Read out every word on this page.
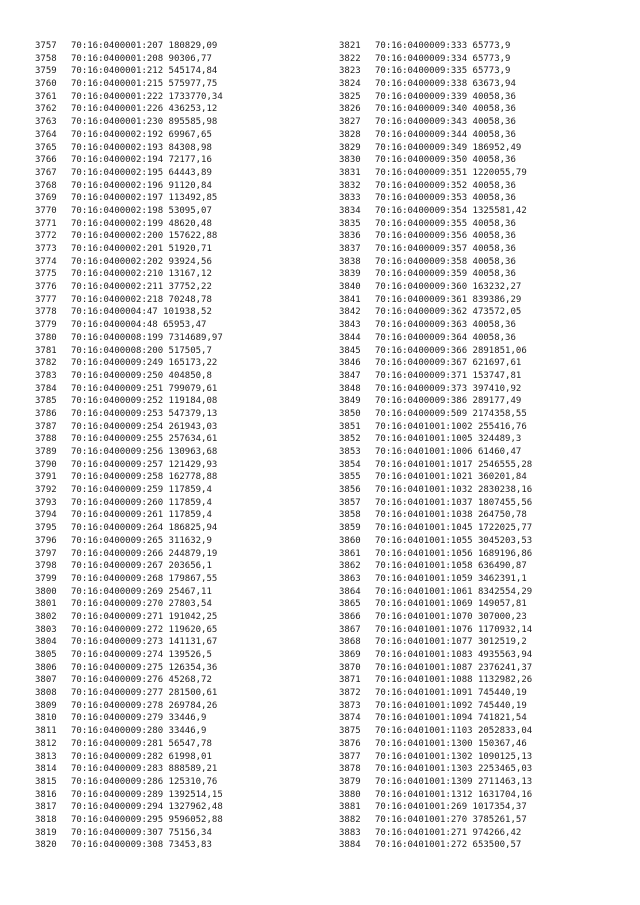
3757 70:16:0400001:207 180829,09
3758 70:16:0400001:208 90306,77
3759 70:16:0400001:212 545174,84
3760 70:16:0400001:215 575977,75
3761 70:16:0400001:222 1733770,34
3762 70:16:0400001:226 436253,12
3763 70:16:0400001:230 895585,98
3764 70:16:0400002:192 69967,65
3765 70:16:0400002:193 84308,98
3766 70:16:0400002:194 72177,16
3767 70:16:0400002:195 64443,89
3768 70:16:0400002:196 91120,84
3769 70:16:0400002:197 113492,85
3770 70:16:0400002:198 53095,07
3771 70:16:0400002:199 48620,48
3772 70:16:0400002:200 157622,88
3773 70:16:0400002:201 51920,71
3774 70:16:0400002:202 93924,56
3775 70:16:0400002:210 13167,12
3776 70:16:0400002:211 37752,22
3777 70:16:0400002:218 70248,78
3778 70:16:0400004:47 101938,52
3779 70:16:0400004:48 65953,47
3780 70:16:0400008:199 7314689,97
3781 70:16:0400008:200 517505,7
3782 70:16:0400009:249 165173,22
3783 70:16:0400009:250 404850,8
3784 70:16:0400009:251 799079,61
3785 70:16:0400009:252 119184,08
3786 70:16:0400009:253 547379,13
3787 70:16:0400009:254 261943,03
3788 70:16:0400009:255 257634,61
3789 70:16:0400009:256 130963,68
3790 70:16:0400009:257 121429,93
3791 70:16:0400009:258 162778,88
3792 70:16:0400009:259 117859,4
3793 70:16:0400009:260 117859,4
3794 70:16:0400009:261 117859,4
3795 70:16:0400009:264 186825,94
3796 70:16:0400009:265 311632,9
3797 70:16:0400009:266 244879,19
3798 70:16:0400009:267 203656,1
3799 70:16:0400009:268 179867,55
3800 70:16:0400009:269 25467,11
3801 70:16:0400009:270 27803,54
3802 70:16:0400009:271 191042,25
3803 70:16:0400009:272 119620,65
3804 70:16:0400009:273 141131,67
3805 70:16:0400009:274 139526,5
3806 70:16:0400009:275 126354,36
3807 70:16:0400009:276 45268,72
3808 70:16:0400009:277 281500,61
3809 70:16:0400009:278 269784,26
3810 70:16:0400009:279 33446,9
3811 70:16:0400009:280 33446,9
3812 70:16:0400009:281 56547,78
3813 70:16:0400009:282 61998,01
3814 70:16:0400009:283 888589,21
3815 70:16:0400009:286 125310,76
3816 70:16:0400009:289 1392514,15
3817 70:16:0400009:294 1327962,48
3818 70:16:0400009:295 9596052,88
3819 70:16:0400009:307 75156,34
3820 70:16:0400009:308 73453,83
3821 70:16:0400009:333 65773,9
3822 70:16:0400009:334 65773,9
3823 70:16:0400009:335 65773,9
3824 70:16:0400009:338 63673,94
3825 70:16:0400009:339 40058,36
3826 70:16:0400009:340 40058,36
3827 70:16:0400009:343 40058,36
3828 70:16:0400009:344 40058,36
3829 70:16:0400009:349 186952,49
3830 70:16:0400009:350 40058,36
3831 70:16:0400009:351 1220055,79
3832 70:16:0400009:352 40058,36
3833 70:16:0400009:353 40058,36
3834 70:16:0400009:354 1325581,42
3835 70:16:0400009:355 40058,36
3836 70:16:0400009:356 40058,36
3837 70:16:0400009:357 40058,36
3838 70:16:0400009:358 40058,36
3839 70:16:0400009:359 40058,36
3840 70:16:0400009:360 163232,27
3841 70:16:0400009:361 839386,29
3842 70:16:0400009:362 473572,05
3843 70:16:0400009:363 40058,36
3844 70:16:0400009:364 40058,36
3845 70:16:0400009:366 2891851,06
3846 70:16:0400009:367 621697,61
3847 70:16:0400009:371 153747,81
3848 70:16:0400009:373 397410,92
3849 70:16:0400009:386 289177,49
3850 70:16:0400009:509 2174358,55
3851 70:16:0401001:1002 255416,76
3852 70:16:0401001:1005 324489,3
3853 70:16:0401001:1006 61460,47
3854 70:16:0401001:1017 2546555,28
3855 70:16:0401001:1021 360201,84
3856 70:16:0401001:1032 2830238,16
3857 70:16:0401001:1037 1807455,56
3858 70:16:0401001:1038 264750,78
3859 70:16:0401001:1045 1722025,77
3860 70:16:0401001:1055 3045203,53
3861 70:16:0401001:1056 1689196,86
3862 70:16:0401001:1058 636490,87
3863 70:16:0401001:1059 3462391,1
3864 70:16:0401001:1061 8342554,29
3865 70:16:0401001:1069 149057,81
3866 70:16:0401001:1070 307000,23
3867 70:16:0401001:1076 1170932,14
3868 70:16:0401001:1077 3012519,2
3869 70:16:0401001:1083 4935563,94
3870 70:16:0401001:1087 2376241,37
3871 70:16:0401001:1088 1132982,26
3872 70:16:0401001:1091 745440,19
3873 70:16:0401001:1092 745440,19
3874 70:16:0401001:1094 741821,54
3875 70:16:0401001:1103 2052833,04
3876 70:16:0401001:1300 150367,46
3877 70:16:0401001:1302 1090125,13
3878 70:16:0401001:1303 2253465,03
3879 70:16:0401001:1309 2711463,13
3880 70:16:0401001:1312 1631704,16
3881 70:16:0401001:269 1017354,37
3882 70:16:0401001:270 3785261,57
3883 70:16:0401001:271 974266,42
3884 70:16:0401001:272 653500,57
